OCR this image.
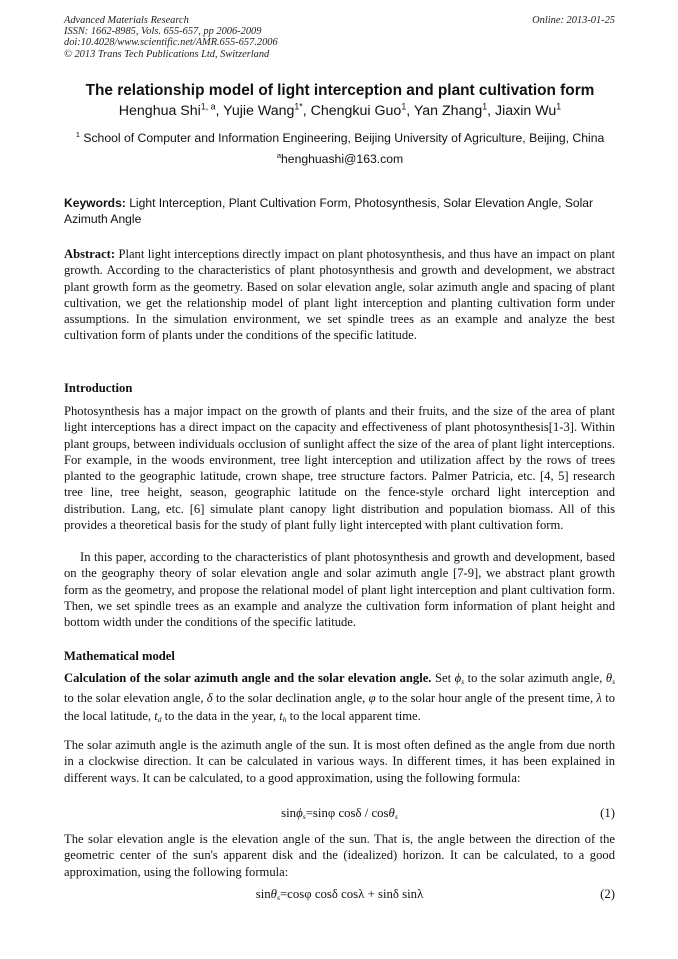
Advanced Materials Research
ISSN: 1662-8985, Vols. 655-657, pp 2006-2009
doi:10.4028/www.scientific.net/AMR.655-657.2006
© 2013 Trans Tech Publications Ltd, Switzerland
Online: 2013-01-25
The relationship model of light interception and plant cultivation form
Henghua Shi$^{1, a}$, Yujie Wang$^{1*}$, Chengkui Guo$^1$, Yan Zhang$^1$, Jiaxin Wu$^1$
$^1$ School of Computer and Information Engineering, Beijing University of Agriculture, Beijing, China
$^a$henghuashi@163.com
Keywords: Light Interception, Plant Cultivation Form, Photosynthesis, Solar Elevation Angle, Solar Azimuth Angle
Abstract: Plant light interceptions directly impact on plant photosynthesis, and thus have an impact on plant growth. According to the characteristics of plant photosynthesis and growth and development, we abstract plant growth form as the geometry. Based on solar elevation angle, solar azimuth angle and spacing of plant cultivation, we get the relationship model of plant light interception and planting cultivation form under assumptions. In the simulation environment, we set spindle trees as an example and analyze the best cultivation form of plants under the conditions of the specific latitude.
Introduction
Photosynthesis has a major impact on the growth of plants and their fruits, and the size of the area of plant light interceptions has a direct impact on the capacity and effectiveness of plant photosynthesis[1-3]. Within plant groups, between individuals occlusion of sunlight affect the size of the area of plant light interceptions. For example, in the woods environment, tree light interception and utilization affect by the rows of trees planted to the geographic latitude, crown shape, tree structure factors. Palmer Patricia, etc. [4, 5] research tree line, tree height, season, geographic latitude on the fence-style orchard light interception and distribution. Lang, etc. [6] simulate plant canopy light distribution and population biomass. All of this provides a theoretical basis for the study of plant fully light intercepted with plant cultivation form.
In this paper, according to the characteristics of plant photosynthesis and growth and development, based on the geography theory of solar elevation angle and solar azimuth angle [7-9], we abstract plant growth form as the geometry, and propose the relational model of plant light interception and plant cultivation form. Then, we set spindle trees as an example and analyze the cultivation form information of plant height and bottom width under the conditions of the specific latitude.
Mathematical model
Calculation of the solar azimuth angle and the solar elevation angle. Set $\phi_s$ to the solar azimuth angle, $\theta_s$ to the solar elevation angle, δ to the solar declination angle, φ to the solar hour angle of the present time, λ to the local latitude, $t_d$ to the data in the year, $t_h$ to the local apparent time.
The solar azimuth angle is the azimuth angle of the sun. It is most often defined as the angle from due north in a clockwise direction. It can be calculated in various ways. In different times, it has been explained in different ways. It can be calculated, to a good approximation, using the following formula:
sinϕ$_s$=sinφ cosδ / cosθ$_s$	(1)
The solar elevation angle is the elevation angle of the sun. That is, the angle between the direction of the geometric center of the sun's apparent disk and the (idealized) horizon. It can be calculated, to a good approximation, using the following formula:
sinθ$_s$=cosφ cosδ cosλ + sinδ sinλ	(2)
